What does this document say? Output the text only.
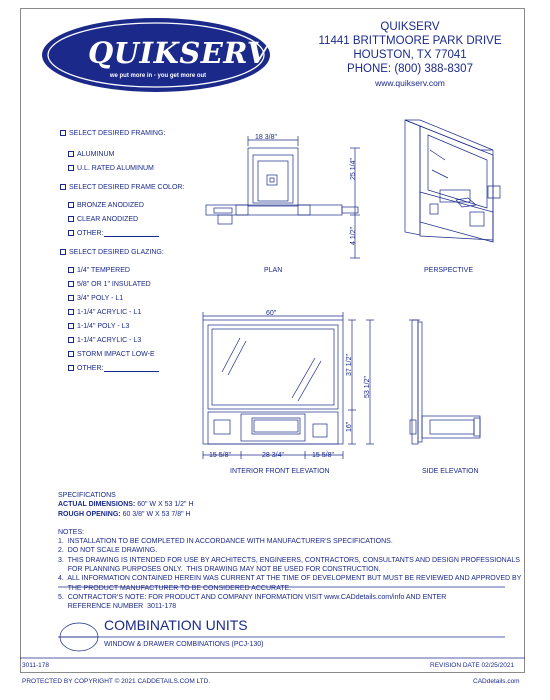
QUIKSERV
we put more in - you get more out
QUIKSERV
11441 BRITTMOORE PARK DRIVE
HOUSTON, TX 77041
PHONE: (800) 388-8307
www.quikserv.com
SELECT DESIRED FRAMING:
ALUMINUM
U.L. RATED ALUMINUM
SELECT DESIRED FRAME COLOR:
BRONZE ANODIZED
CLEAR ANODIZED
OTHER:
SELECT DESIRED GLAZING:
1/4" TEMPERED
5/8" OR 1" INSULATED
3/4" POLY - L1
1-1/4" ACRYLIC - L1
1-1/4" POLY - L3
1-1/4" ACRYLIC - L3
STORM IMPACT LOW-E
OTHER:
18 3/8"
25 1/4"
4 1/2"
PLAN	PERSPECTIVE
60"
37 1/2"
53 1/2"
16"
15 5/8"	28 3/4"	15 5/8"
INTERIOR FRONT ELEVATION	SIDE ELEVATION
SPECIFICATIONS
ACTUAL DIMENSIONS: 60" W X 53 1/2" H
ROUGH OPENING: 60 3/8" W X 53 7/8" H
NOTES:
1.  INSTALLATION TO BE COMPLETED IN ACCORDANCE WITH MANUFACTURER'S SPECIFICATIONS.
2.  DO NOT SCALE DRAWING.
3.  THIS DRAWING IS INTENDED FOR USE BY ARCHITECTS, ENGINEERS, CONTRACTORS, CONSULTANTS AND DESIGN PROFESSIONALS
FOR PLANNING PURPOSES ONLY.  THIS DRAWING MAY NOT BE USED FOR CONSTRUCTION.
4.  ALL INFORMATION CONTAINED HEREIN WAS CURRENT AT THE TIME OF DEVELOPMENT BUT MUST BE REVIEWED AND APPROVED BY
THE PRODUCT MANUFACTURER TO BE CONSIDERED ACCURATE.
5.  CONTRACTOR'S NOTE: FOR PRODUCT AND COMPANY INFORMATION VISIT www.CADdetails.com/info AND ENTER
REFERENCE NUMBER  3011-178
COMBINATION UNITS
WINDOW & DRAWER COMBINATIONS (PCJ-130)
3011-178	REVISION DATE 02/25/2021
PROTECTED BY COPYRIGHT © 2021 CADDETAILS.COM LTD.	CADdetails.com
